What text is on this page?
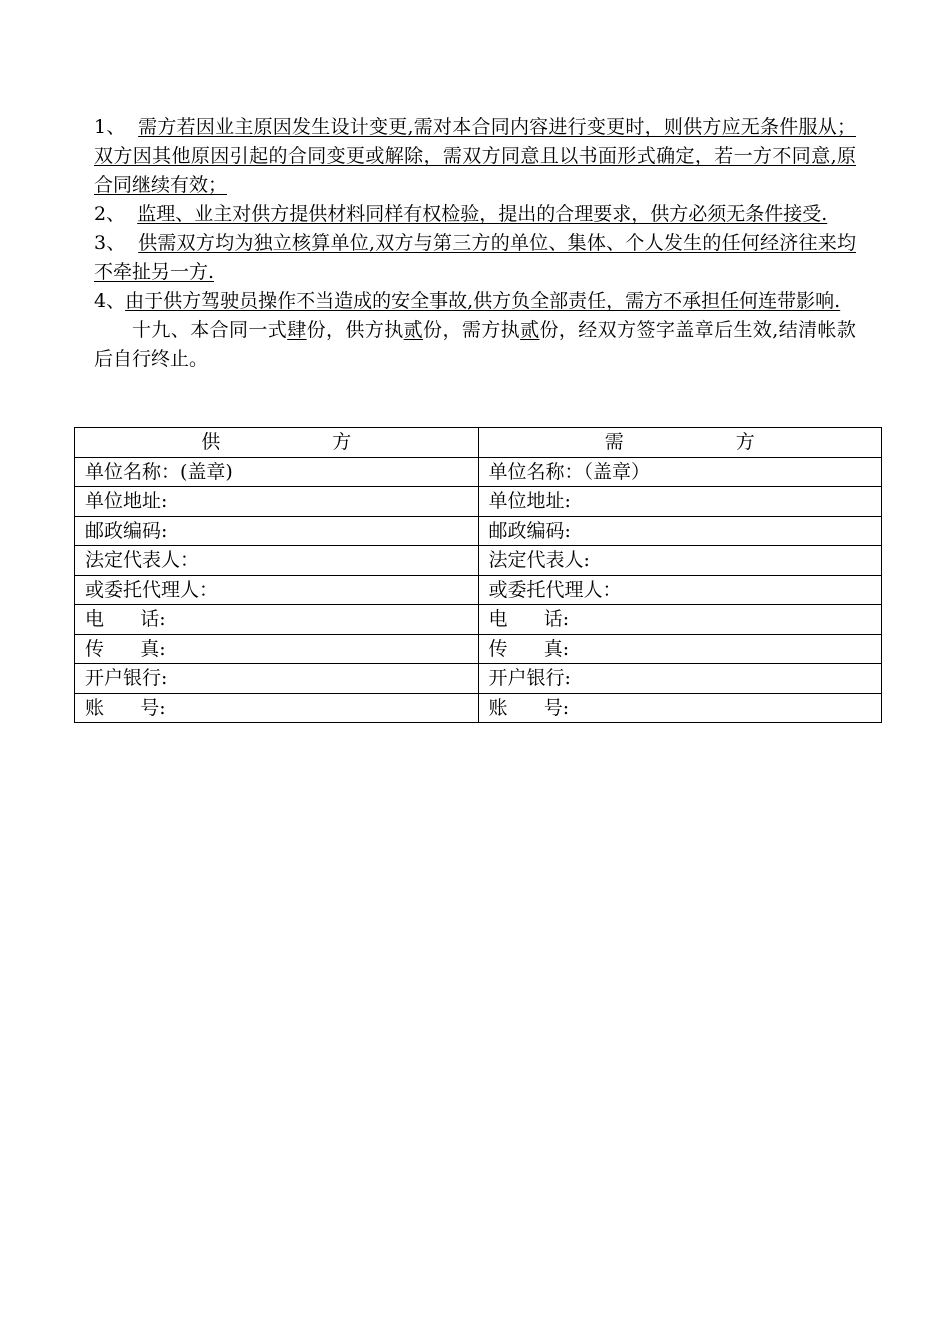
1、 需方若因业主原因发生设计变更,需对本合同内容进行变更时，则供方应无条件服从；双方因其他原因引起的合同变更或解除，需双方同意且以书面形式确定，若一方不同意,原合同继续有效；

2、 监理、业主对供方提供材料同样有权检验，提出的合理要求，供方必须无条件接受.

3、 供需双方均为独立核算单位,双方与第三方的单位、集体、个人发生的任何经济往来均不牵扯另一方.

4、由于供方驾驶员操作不当造成的安全事故,供方负全部责任，需方不承担任何连带影响.

十九、本合同一式肆份，供方执贰份，需方执贰份，经双方签字盖章后生效,结清帐款后自行终止。

供 方	需 方
单位名称：(盖章)	单位名称：（盖章）
单位地址:	单位地址:
邮政编码:	邮政编码:
法定代表人：	法定代表人:
或委托代理人：	或委托代理人：
电      话:	电      话:
传      真:	传      真:
开户银行:	开户银行:
账      号:	账      号:
